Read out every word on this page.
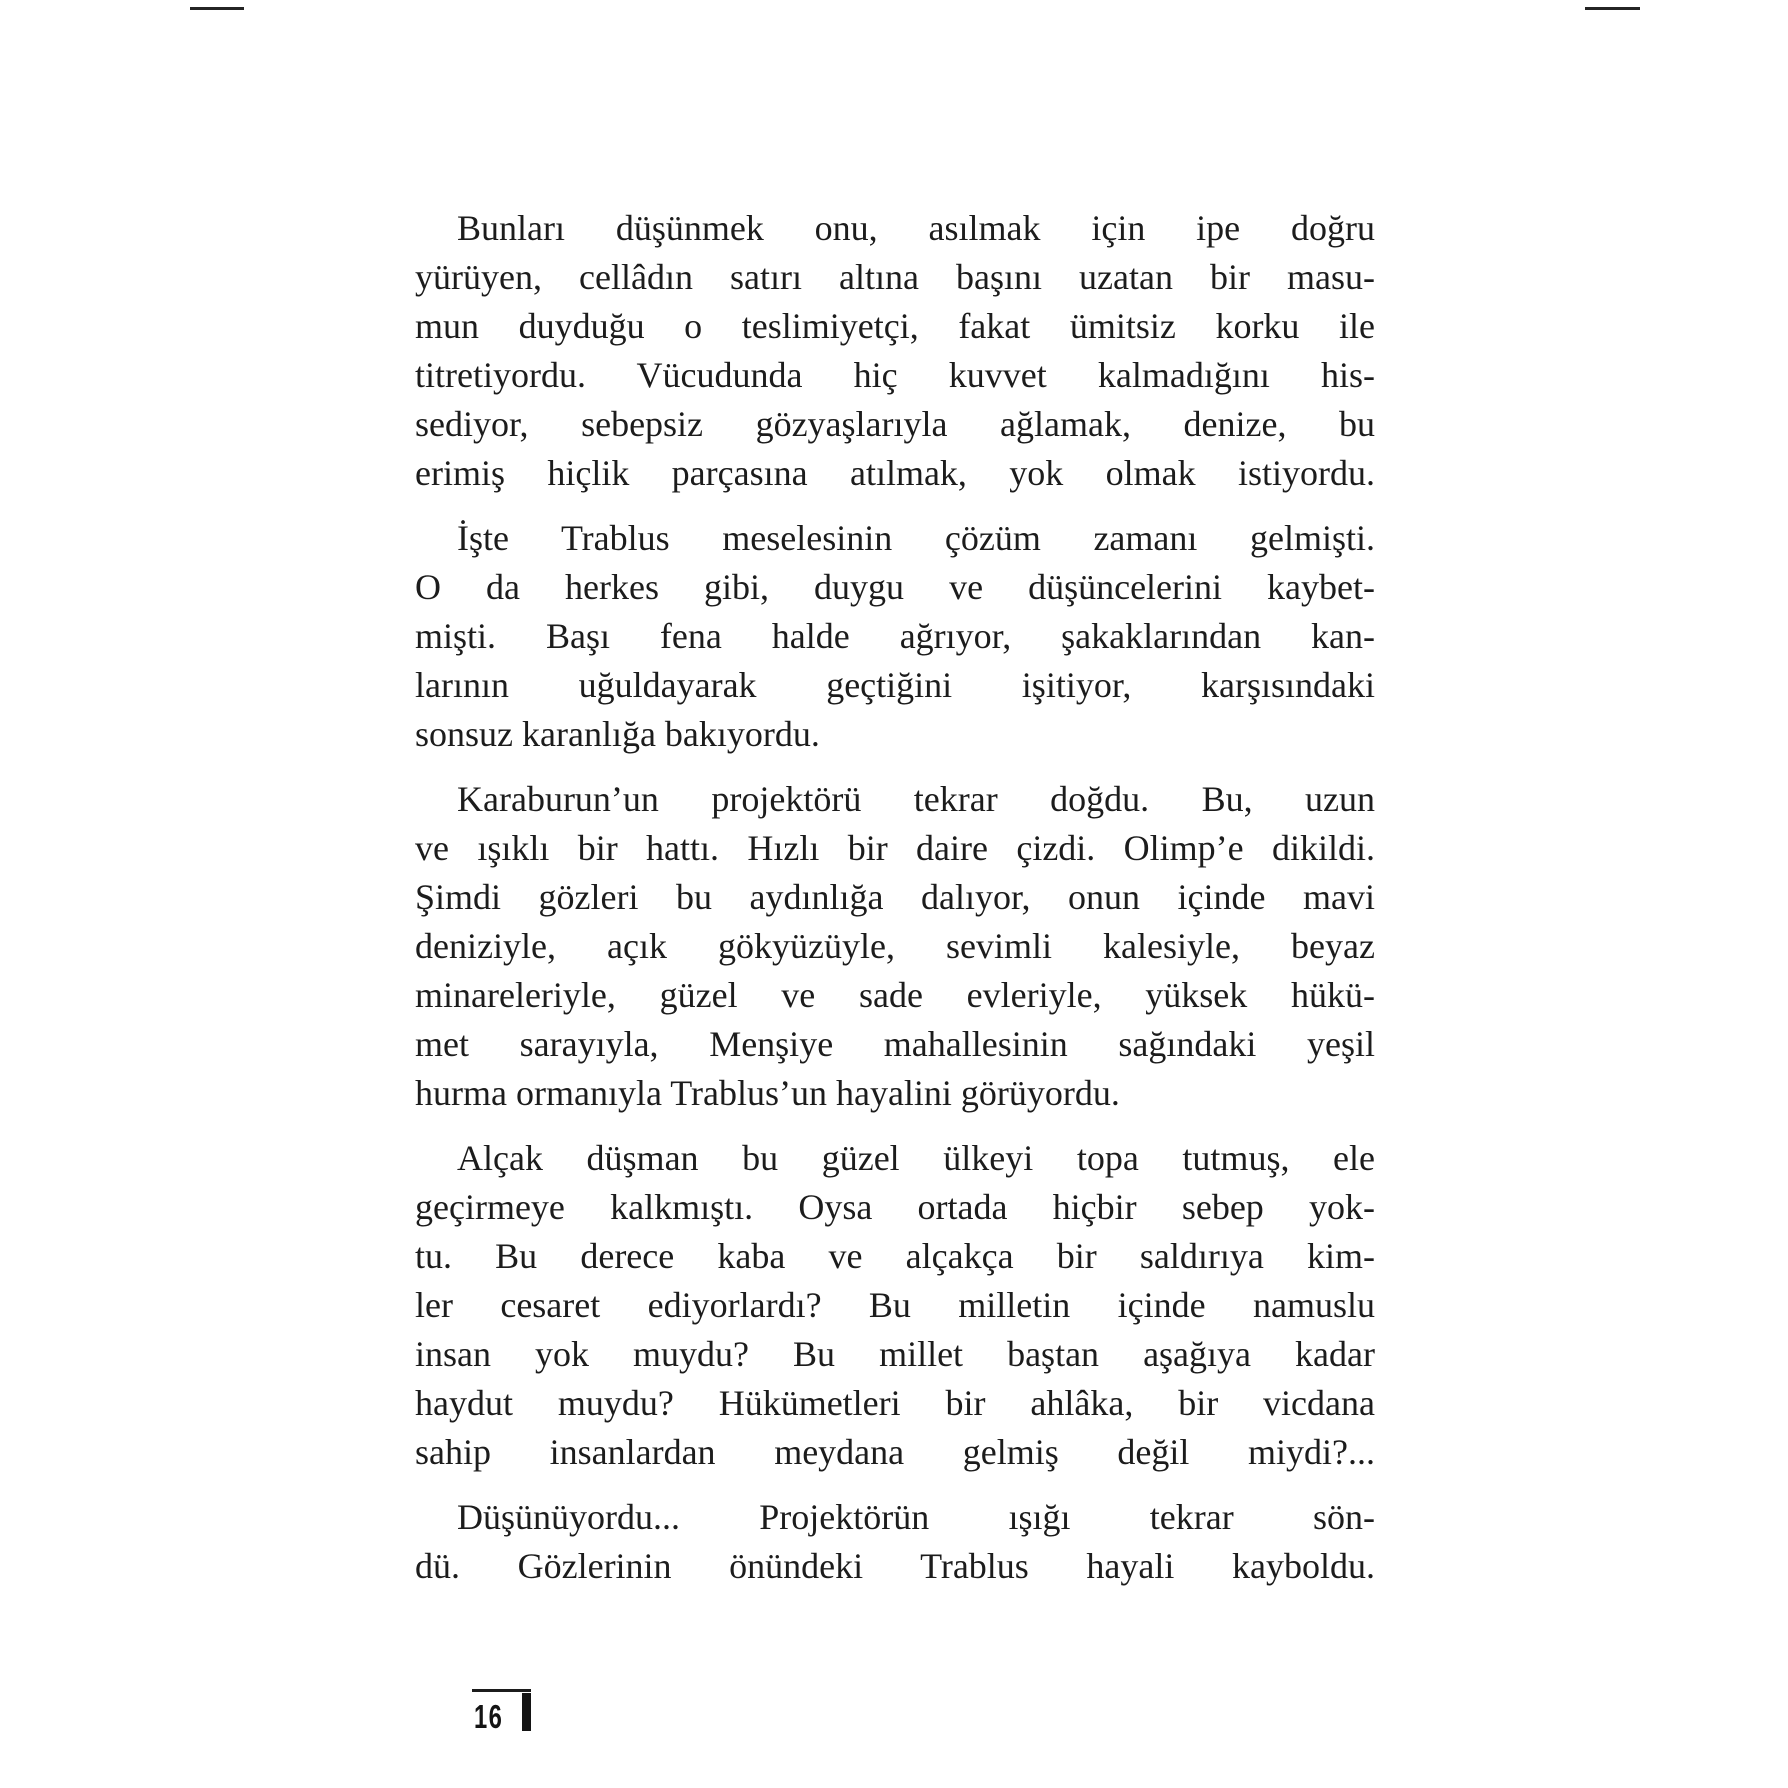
Bunları düşünmek onu, asılmak için ipe doğru
yürüyen, cellâdın satırı altına başını uzatan bir masu-
mun duyduğu o teslimiyetçi, fakat ümitsiz korku ile
titretiyordu. Vücudunda hiç kuvvet kalmadığını his-
sediyor, sebepsiz gözyaşlarıyla ağlamak, denize, bu
erimiş hiçlik parçasına atılmak, yok olmak istiyordu.
İşte Trablus meselesinin çözüm zamanı gelmişti.
O da herkes gibi, duygu ve düşüncelerini kaybet-
mişti. Başı fena halde ağrıyor, şakaklarından kan-
larının uğuldayarak geçtiğini işitiyor, karşısındaki
sonsuz karanlığa bakıyordu.
Karaburun’un projektörü tekrar doğdu. Bu, uzun
ve ışıklı bir hattı. Hızlı bir daire çizdi. Olimp’e dikildi.
Şimdi gözleri bu aydınlığa dalıyor, onun içinde mavi
deniziyle, açık gökyüzüyle, sevimli kalesiyle, beyaz
minareleriyle, güzel ve sade evleriyle, yüksek hükü-
met sarayıyla, Menşiye mahallesinin sağındaki yeşil
hurma ormanıyla Trablus’un hayalini görüyordu.
Alçak düşman bu güzel ülkeyi topa tutmuş, ele
geçirmeye kalkmıştı. Oysa ortada hiçbir sebep yok-
tu. Bu derece kaba ve alçakça bir saldırıya kim-
ler cesaret ediyorlardı? Bu milletin içinde namuslu
insan yok muydu? Bu millet baştan aşağıya kadar
haydut muydu? Hükümetleri bir ahlâka, bir vicdana
sahip insanlardan meydana gelmiş değil miydi?...
Düşünüyordu... Projektörün ışığı tekrar sön-
dü. Gözlerinin önündeki Trablus hayali kayboldu.
16
